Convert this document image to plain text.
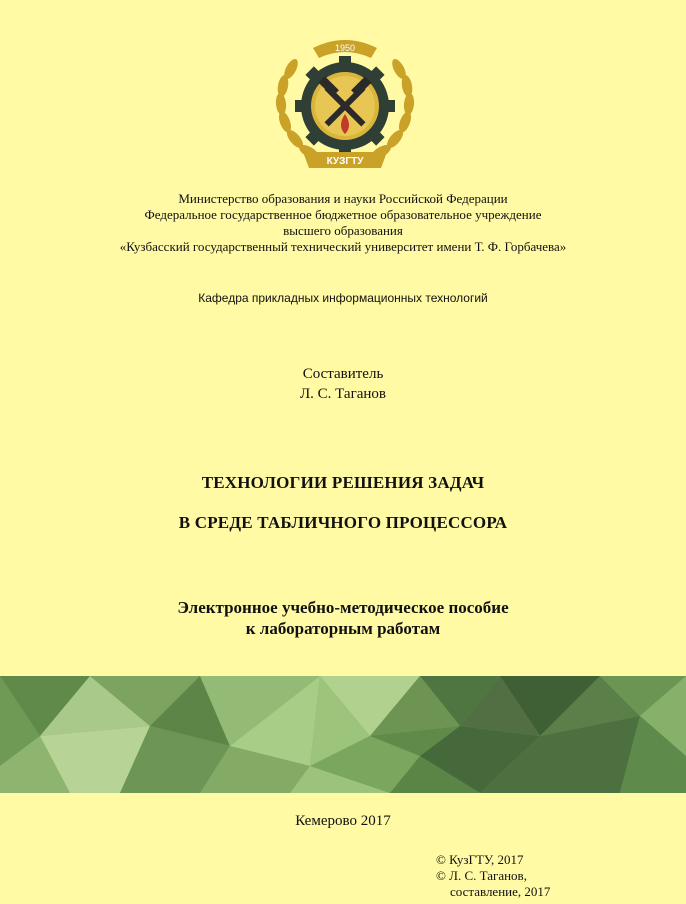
1950
КУЗГТУ
Министерство образования и науки Российской Федерации
Федеральное государственное бюджетное образовательное учреждение
высшего образования
«Кузбасский государственный технический университет имени Т. Ф. Горбачева»
Кафедра прикладных информационных технологий
Составитель
Л. С. Таганов
ТЕХНОЛОГИИ РЕШЕНИЯ ЗАДАЧ
В СРЕДЕ ТАБЛИЧНОГО ПРОЦЕССОРА
Электронное учебно-методическое пособие
к лабораторным работам
Кемерово 2017
© КузГТУ, 2017
© Л. С. Таганов,
составление, 2017
